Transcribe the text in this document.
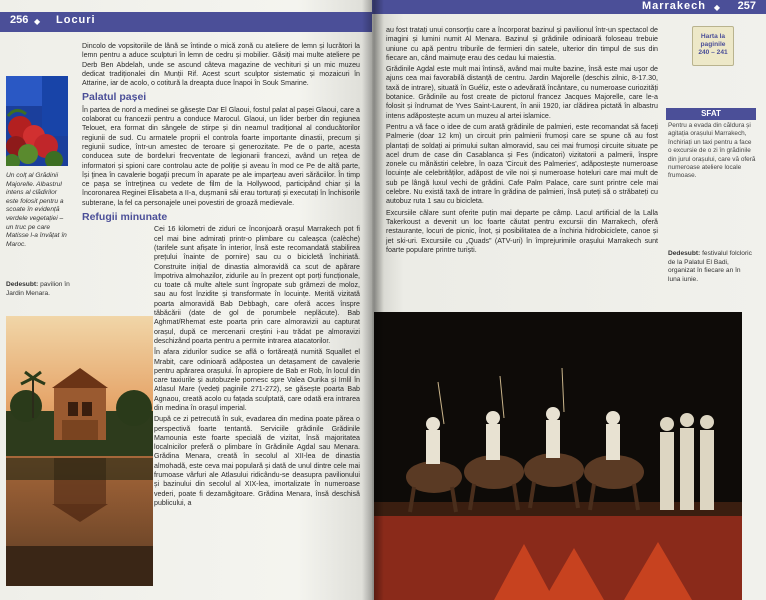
256 ◆ Locuri
Un colț al Grădinii Majorelle. Albastrul intens al clădirilor este folosit pentru a scoate în evidență verdele vegetației – un truc pe care Matisse l-a învățat în Maroc.
Dedesubt: pavilion în Jardin Menara.

Dincolo de vopsitoriile de lână se întinde o mică zonă cu ateliere de lemn și lucrători la lemn pentru a aduce sculpturi în lemn de cedru și mobilier. Găsiți mai multe ateliere pe Derb Ben Abdelah, unde se ascund câteva magazine de vechituri și un mic muzeu dedicat tradiționalei din Munții Rif. Acest scurt sculptor sistematic și mozaicuri în Attarine, iar de acolo, o cotitură la dreapta duce înapoi în Souk Smarine.

Palatul pașei

În partea de nord a medinei se găsește Dar El Glaoui, fostul palat al pașei Glaoui, care a colaborat cu francezii pentru a conduce Marocul. Glaoui, un lider berber din regiunea Telouet, era format din sângele de stirpe și din neamul tradițional al conducătorilor regiunii de sud. Cu armatele proprii el controla foarte importante dinastii, precum și regiunii sudice, într-un amestec de teroare și generozitate. Pe de o parte, acesta conducea sute de bordeluri frecventate de legionarii francezi, având un reţea de informatori și spioni care controlau acte de poliție și aveau în mod ce Pe de altă parte, își ţinea în cavalerie bogaţii precum în aparate pe ale imparţeau averi sărăciilor. În timp ce pașa se întreţinea cu vedete de film de la Hollywood, participând chiar și la încoronarea Reginei Elisabeta a II-a, dușmanii săi erau torturați și executați în închisorile subterane, la fel ca personajele unei povestiri de groază medievale.

Refugii minunate

Cei 16 kilometri de ziduri ce înconjoară orașul Marrakech pot fi cel mai bine admirați printr-o plimbare cu caleașca (calèche) (tarifele sunt afișate în interior, însă este recomandată stabilirea prețului înainte de pornire) sau cu o bicicletă închiriată. Construite inițial de dinastia almoravidă ca scut de apărare împotriva almohazilor, zidurile au în prezent opt porți funcționale, cu toate că multe altele sunt îngropate sub grămezi de moloz, sau au fost înzidite și transformate în locuințe. Meritã vizitată poarta almoravidă Bab Debbagh, care oferă acces înspre tăbăcării (date de gol de porumbele neplăcute). Bab Aghmat/Rhemat este poarta prin care almoravizii au capturat orașul, după ce mercenarii creștini i-au trădat pe almoravizi deschizând poarta pentru a permite intrarea atacatorilor.

În afara zidurilor sudice se află o fortăreață numită Squallet el Mrabit, care odinioară adăpostea un detașament de cavalerie pentru apărarea orașului. În apropiere de Bab er Rob, în locul din care taxiurile și autobuzele pornesc spre Valea Ourika și Imlil în Atlasul Mare (vedeți paginile 271-272), se găsește poarta Bab Agnaou, creată acolo cu fațada sculptată, care odată era intrarea din medina în orașul imperial.

După ce zi petrecută în suk, evadarea din medina poate părea o perspectivă foarte tentantă. Serviciile grădinile Grădinile Mamounia este foarte specială de vizitat, însă majoritatea localnicilor preferă o plimbare în Grădinile Agdal sau Menara. Grădina Menara, creată în secolul al XII-lea de dinastia almohadă, este ceva mai populară și dată de unul dintre cele mai frumoase vârfuri ale Atlasului ridicându-se deasupra pavilionului și bazinului din secolul al XIX-lea, imortalizate în numeroase vederi, poate fi dezamăgitoare. Grădina Menara, însă deschisă publicului, a

Marrakech ◆ 257
Harta la paginile
240 – 241

au fost tratați unui consorțiu care a încorporat bazinul și pavilionul într-un spectacol de imagini și lumini numit Al Menara. Bazinul și grădinile odinioară foloseau trebuie uniune cu apă pentru triburile de fermieri din satele, ulterior din timpul de sus din fiecare an, când maimuţe erau des cedau lui maiestia.

Grădinile Agdal este mult mai întinsă, având mai multe bazine, însă este mai ușor de ajuns cea mai favorabilă distanță de centru. Jardin Majorelle (deschis zilnic, 8-17.30, taxă de intrare), situată în Guéliz, este o adevărată încântare, cu numeroase curiozități botanice. Grădinile au fost create de pictorul francez Jacques Majorelle, care le-a folosit și îndrumat de Yves Saint-Laurent, în anii 1920, iar clădirea pictată în albastru intens adăpostește acum un muzeu al artei islamice.

Pentru a vă face o idee de cum arată grădinile de palmieri, este recomandat să faceți Palmerie (doar 12 km) un circuit prin palmierii frumoși care se spune că au fost plantați de soldați ai primului sultan almoravid, sau cei mai frumoși circuite situate pe acel drum de case din Casablanca și Fes (indicatori) vizitatorii a palmerii, înspre zonele cu mănăstiri celebre, în oaza 'Circuit des Palmeries', adăpostește numeroase locuințe ale celebrităților, adăpost de vile noi și numeroase hoteluri care mai mult de sub pe lângă luxul vechi de grădini. Cafe Palm Palace, care sunt printre cele mai celebre. Nu există taxă de intrare în grădina de palmieri, însă puteți să o străbateți cu autobuz ruta 1 sau cu bicicleta.

Excursiile călare sunt oferite puțin mai departe pe câmp. Lacul artificial de la Lalla Takerkoust a devenit un loc foarte căutat pentru excursii din Marrakech, oferă restaurante, locuri de picnic, înot, și posibilitatea de a închiria hidrobiciclete, canoe și jet ski-uri. Excursiile cu „Quads” (ATV-uri) în împrejurimile orașului Marrakech sunt foarte populare printre turiști.

SFAT
Pentru a evada din căldura și agitația orașului Marrakech, închiriați un taxi pentru a face o excursie de o zi în grădinile din jurul orașului, care vă oferă numeroase ateliere locale frumoase.
Dedesubt: festivalul folcloric de la Palatul El Badi, organizat în fiecare an în luna iunie.
